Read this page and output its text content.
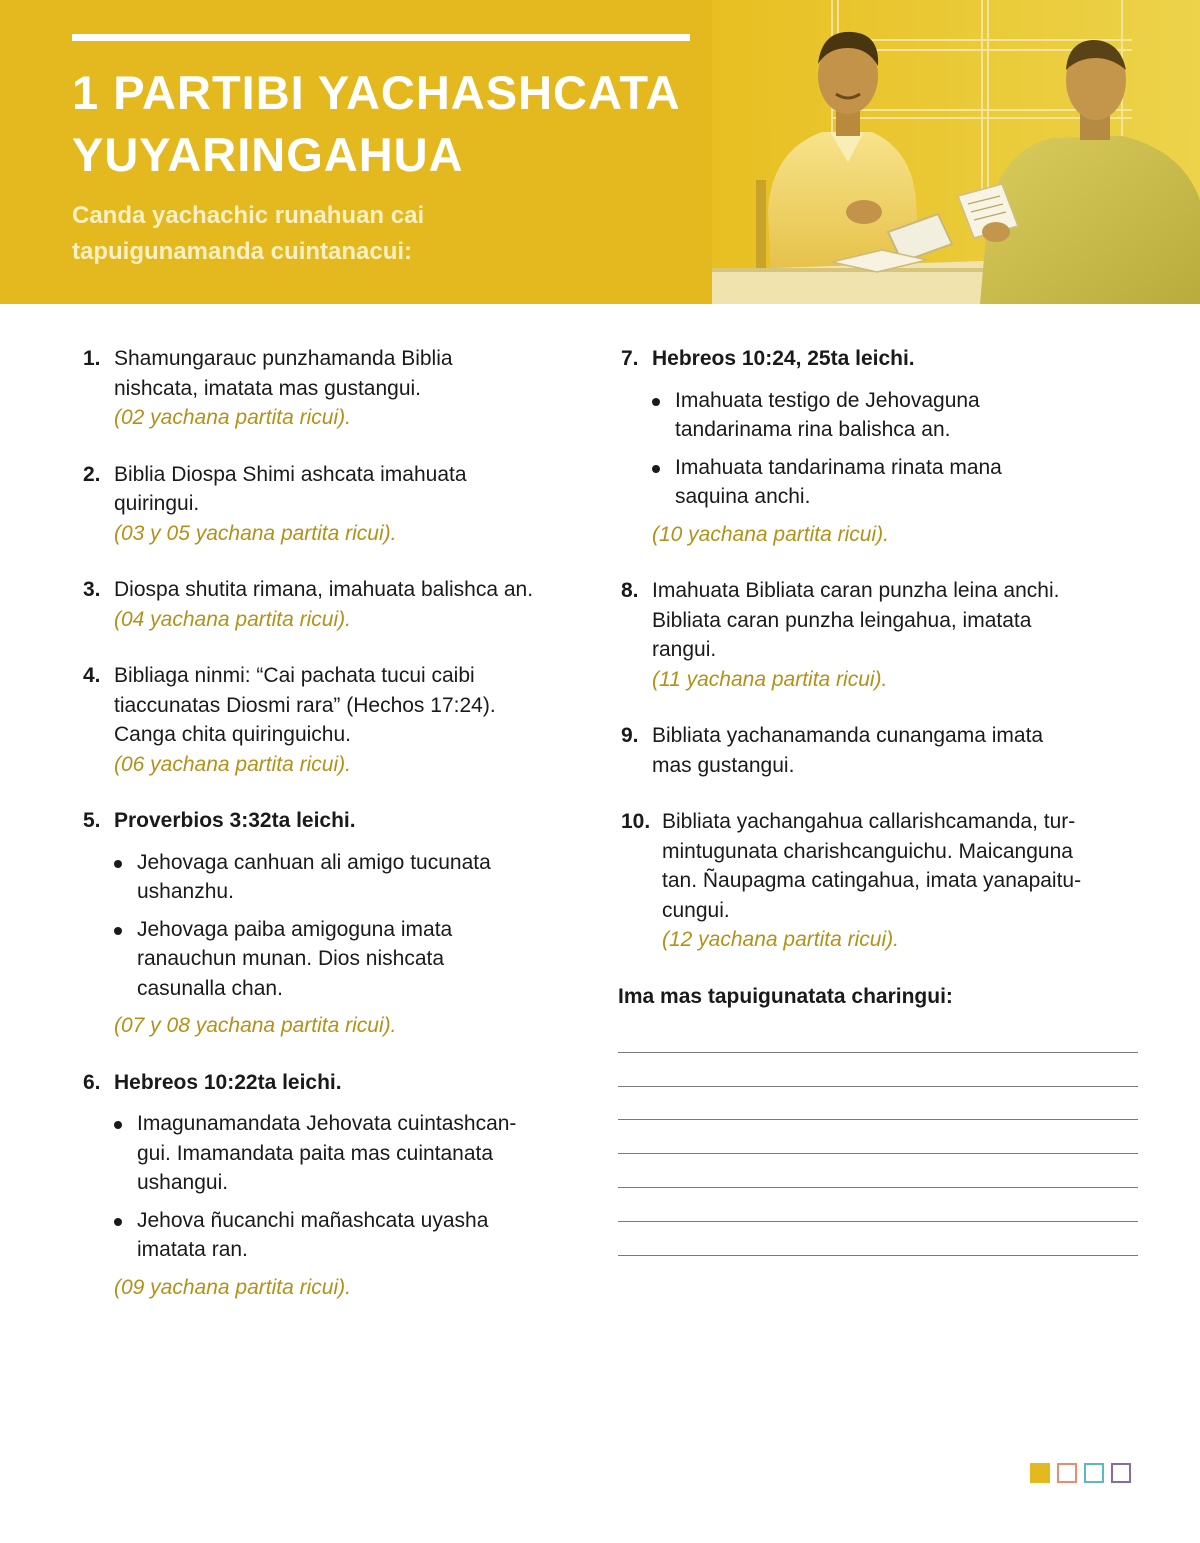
1 PARTIBI YACHASHCATA
YUYARINGAHUA
Canda yachachic runahuan cai
tapuigunamanda cuintanacui:
1. Shamungarauc punzhamanda Biblia
nishcata, imatata mas gustangui.
(02 yachana partita ricui).
2. Biblia Diospa Shimi ashcata imahuata
quiringui.
(03 y 05 yachana partita ricui).
3. Diospa shutita rimana, imahuata balishca an.
(04 yachana partita ricui).
4. Bibliaga ninmi: “Cai pachata tucui caibi
tiaccunatas Diosmi rara” (Hechos 17:24).
Canga chita quiringuichu.
(06 yachana partita ricui).
5. Proverbios 3:32ta leichi.
Jehovaga canhuan ali amigo tucunata
ushanzhu.
Jehovaga paiba amigoguna imata
ranauchun munan. Dios nishcata
casunalla chan.
(07 y 08 yachana partita ricui).
6. Hebreos 10:22ta leichi.
Imagunamandata Jehovata cuintashcan-
gui. Imamandata paita mas cuintanata
ushangui.
Jehova ñucanchi mañashcata uyasha
imatata ran.
(09 yachana partita ricui).
7. Hebreos 10:24, 25ta leichi.
Imahuata testigo de Jehovaguna
tandarinama rina balishca an.
Imahuata tandarinama rinata mana
saquina anchi.
(10 yachana partita ricui).
8. Imahuata Bibliata caran punzha leina anchi.
Bibliata caran punzha leingahua, imatata
rangui.
(11 yachana partita ricui).
9. Bibliata yachanamanda cunangama imata
mas gustangui.
10. Bibliata yachangahua callarishcamanda, tur-
mintugunata charishcanguichu. Maicanguna
tan. Ñaupagma catingahua, imata yanapaitu-
cungui.
(12 yachana partita ricui).
Ima mas tapuigunatata charingui:
